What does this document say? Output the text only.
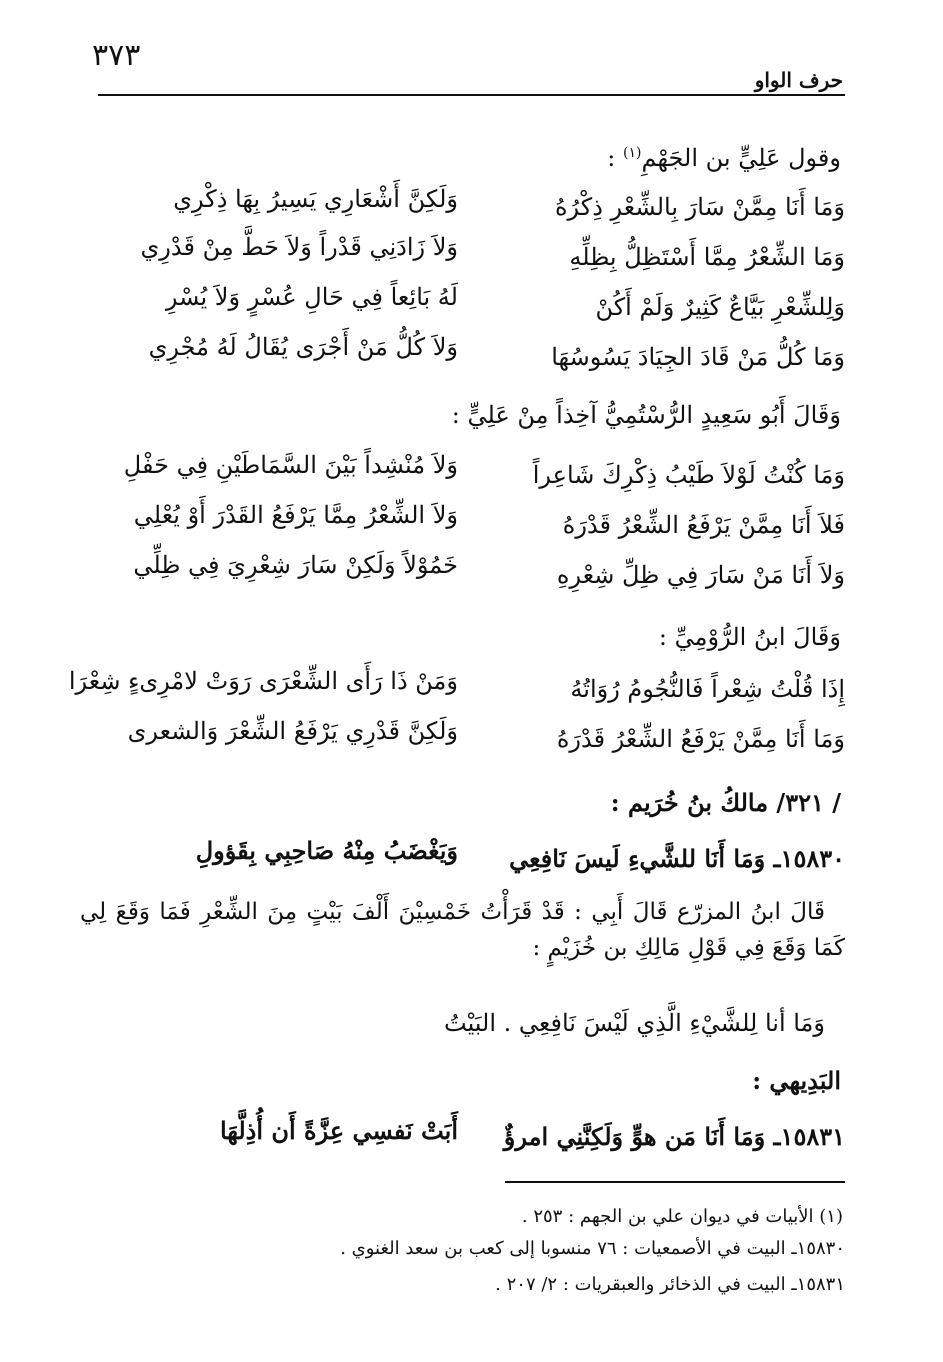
٣٧٣
حرف الواو
وقول عَلِيٍّ بن الجَهْمِ$^{(١)}$ :
وَمَا أَنَا مِمَّنْ سَارَ بِالشِّعْرِ ذِكْرُهُ
وَلَكِنَّ أَشْعَارِي يَسِيرُ بِهَا ذِكْرِي
وَمَا الشِّعْرُ مِمَّا أَسْتَظِلُّ بِظِلِّهِ
وَلاَ زَادَنِي قَدْراً وَلاَ حَطَّ مِنْ قَدْرِي
وَلِلشِّعْرِ بَيَّاعٌ كَثِيرٌ وَلَمْ أَكُنْ
لَهُ بَائِعاً فِي حَالِ عُسْرٍ وَلاَ يُسْرِ
وَمَا كُلُّ مَنْ قَادَ الجِيَادَ يَسُوسُهَا
وَلاَ كُلُّ مَنْ أَجْرَى يُقَالُ لَهُ مُجْرِي
وَقَالَ أَبُو سَعِيدٍ الرُّسْتُمِيُّ آخِذاً مِنْ عَلِيٍّ :
وَمَا كُنْتُ لَوْلاَ طَيْبُ ذِكْرِكَ شَاعِراً
وَلاَ مُنْشِداً بَيْنَ السَّمَاطَيْنِ فِي حَفْلِ
فَلاَ أَنَا مِمَّنْ يَرْفَعُ الشِّعْرُ قَدْرَهُ
وَلاَ الشِّعْرُ مِمَّا يَرْفَعُ القَدْرَ أَوْ يُعْلِي
وَلاَ أَنَا مَنْ سَارَ فِي ظِلِّ شِعْرِهِ
خَمُوْلاً وَلَكِنْ سَارَ شِعْرِيَ فِي ظِلِّي
وَقَالَ ابنُ الرُّوْمِيِّ :
إِذَا قُلْتُ شِعْراً فَالنُّجُومُ رُوَاتُهُ
وَمَنْ ذَا رَأَى الشِّعْرَى رَوَتْ لامْرِىءٍ شِعْرَا
وَمَا أَنَا مِمَّنْ يَرْفَعُ الشِّعْرُ قَدْرَهُ
وَلَكِنَّ قَدْرِي يَرْفَعُ الشِّعْرَ وَالشعرى
/ ٣٢١/ مالكُ بنُ خُرَيم :
١٥٨٣٠ـ وَمَا أَنَا للشَّيءِ لَيسَ نَافِعِي
وَيَغْضَبُ مِنْهُ صَاحِبِي بِقَؤولِ
قَالَ ابنُ المزرّع قَالَ أَبِي : قَدْ قَرَأْتُ خَمْسِيْنَ أَلْفَ بَيْتٍ مِنَ الشِّعْرِ فَمَا وَقَعَ لِي كَمَا وَقَعَ فِي قَوْلِ مَالِكِ بن خُزَيْمٍ :
وَمَا أنا لِلشَّيْءِ الَّذِي لَيْسَ نَافِعِي . البَيْتُ
البَدِيهي :
١٥٨٣١ـ وَمَا أَنَا مَن هوٍّ وَلَكِنَّنِي امرؤٌ
أَبَتْ نَفسِي عِزَّةً أَن أُذِلَّهَا
(١) الأبيات في ديوان علي بن الجهم : ٢٥٣ .
١٥٨٣٠ـ البيت في الأصمعيات : ٧٦ منسوبا إلى كعب بن سعد الغنوي .
١٥٨٣١ـ البيت في الذخائر والعبقريات : ٢/ ٢٠٧ .
